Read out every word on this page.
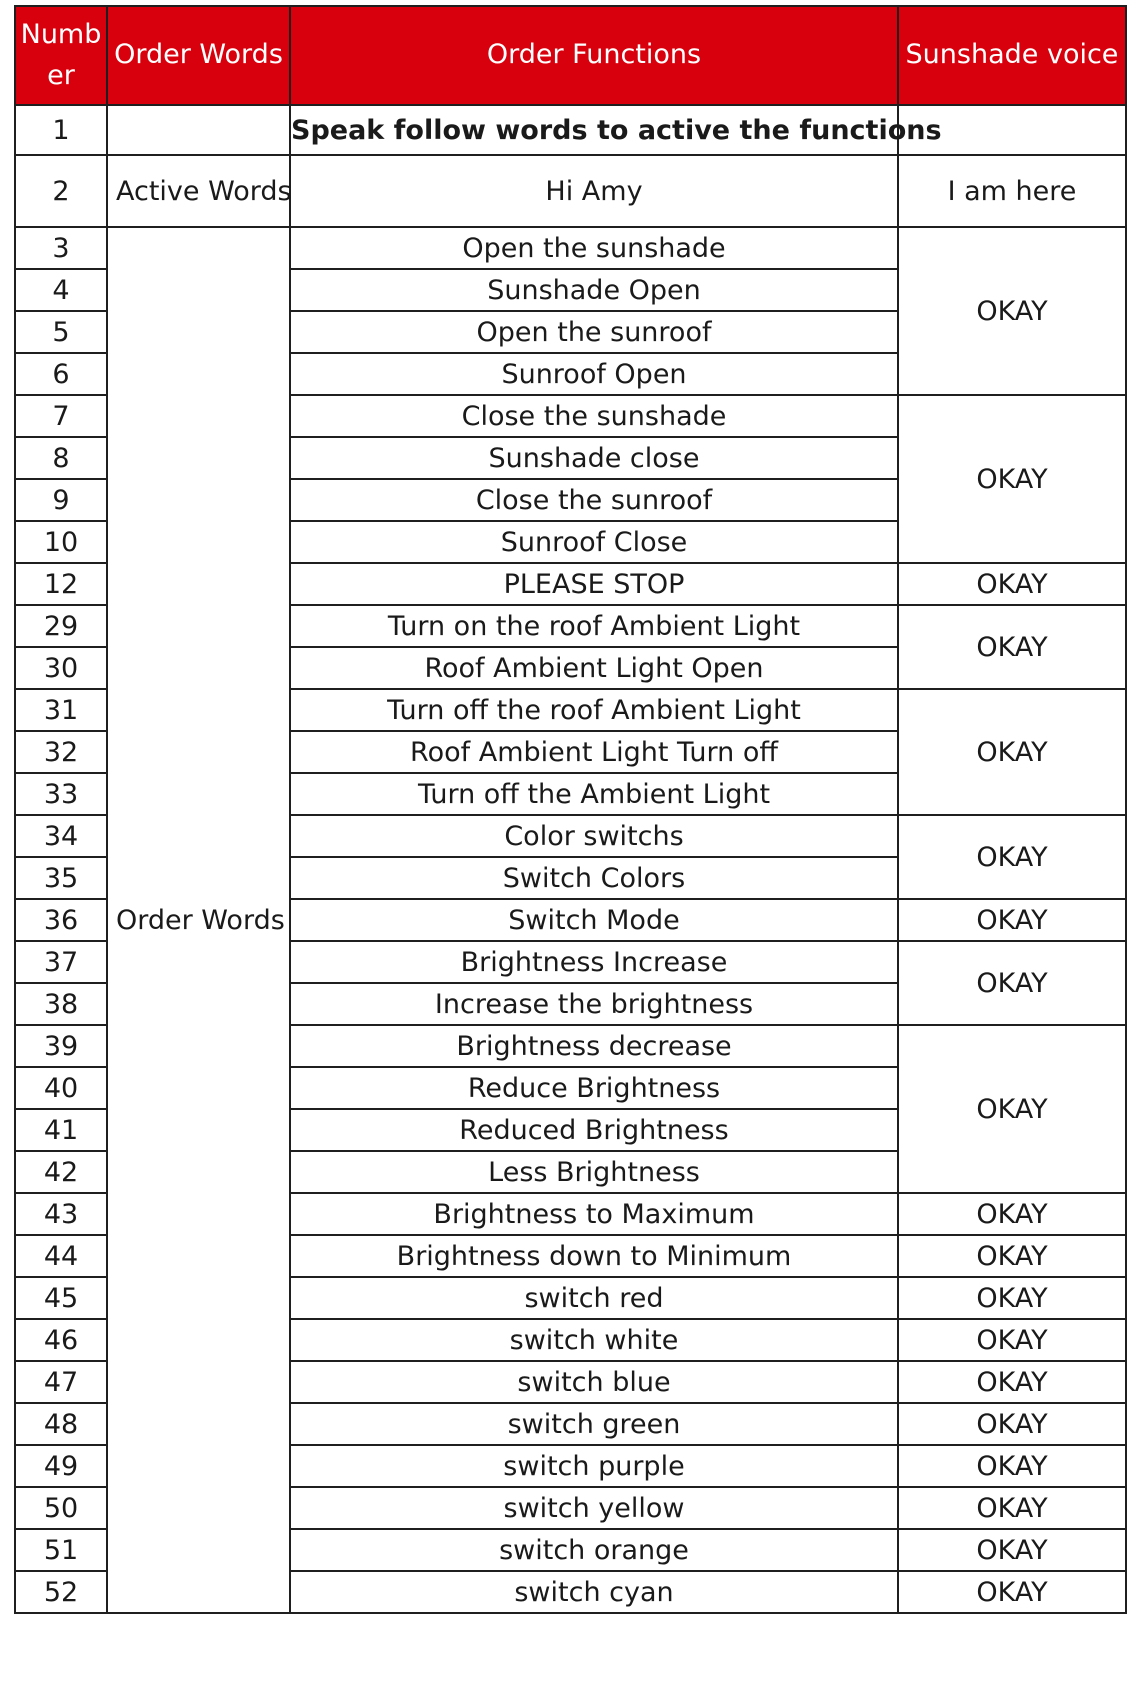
Numb er	Order Words	Order Functions	Sunshade voice
1		Speak follow words to active the functions	
2	Active Words	Hi Amy	I am here
3	Order Words	Open the sunshade	OKAY
4		Sunshade Open	
5		Open the sunroof	
6		Sunroof Open	
7		Close the sunshade	OKAY
8		Sunshade close	
9		Close the sunroof	
10		Sunroof Close	
12		PLEASE STOP	OKAY
29		Turn on the roof Ambient Light	OKAY
30		Roof Ambient Light Open	
31		Turn off the roof Ambient Light	OKAY
32		Roof Ambient Light Turn off	
33		Turn off the Ambient Light	
34		Color switchs	OKAY
35		Switch Colors	
36		Switch Mode	OKAY
37		Brightness Increase	OKAY
38		Increase the brightness	
39		Brightness decrease	OKAY
40		Reduce Brightness	
41		Reduced Brightness	
42		Less Brightness	
43		Brightness to Maximum	OKAY
44		Brightness down to Minimum	OKAY
45		switch red	OKAY
46		switch white	OKAY
47		switch blue	OKAY
48		switch green	OKAY
49		switch purple	OKAY
50		switch yellow	OKAY
51		switch orange	OKAY
52		switch cyan	OKAY
